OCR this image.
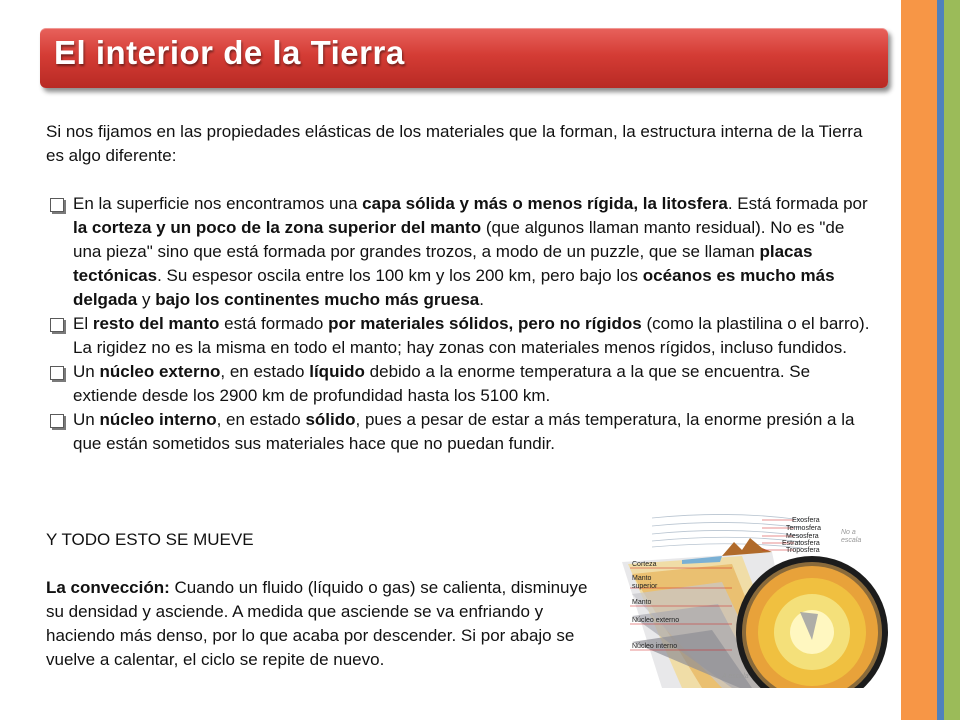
El interior de la Tierra

Si nos fijamos en las propiedades elásticas de los materiales que la forman, la estructura interna de la Tierra es algo diferente:

En la superficie nos encontramos una capa sólida y más o menos rígida, la litosfera. Está formada por la corteza y un poco de la zona superior del manto (que algunos llaman manto residual). No es "de una pieza" sino que está formada por grandes trozos, a modo de un puzzle, que se llaman placas tectónicas. Su espesor oscila entre los 100 km y los 200 km, pero bajo los océanos es mucho más delgada y bajo los continentes mucho más gruesa.
El resto del manto está formado por materiales sólidos, pero no rígidos (como la plastilina o el barro). La rigidez no es la misma en todo el manto; hay zonas con materiales menos rígidos, incluso fundidos.
Un núcleo externo, en estado líquido debido a la enorme temperatura a la que se encuentra. Se extiende desde los 2900 km de profundidad hasta los 5100 km.
Un núcleo interno, en estado sólido, pues a pesar de estar a más temperatura, la enorme presión a la que están sometidos sus materiales hace que no puedan fundir.

Y TODO ESTO SE MUEVE

La convección: Cuando un fluido (líquido o gas) se calienta, disminuye su densidad y asciende. A medida que asciende se va enfriando y haciendo más denso, por lo que acaba por descender. Si por abajo se vuelve a calentar, el ciclo se repite de nuevo.

Exosfera
Termosfera
Mesosfera
Estratosfera
Troposfera
No a escala
Corteza
Manto superior
Manto
Núcleo externo
Núcleo interno
A escala
